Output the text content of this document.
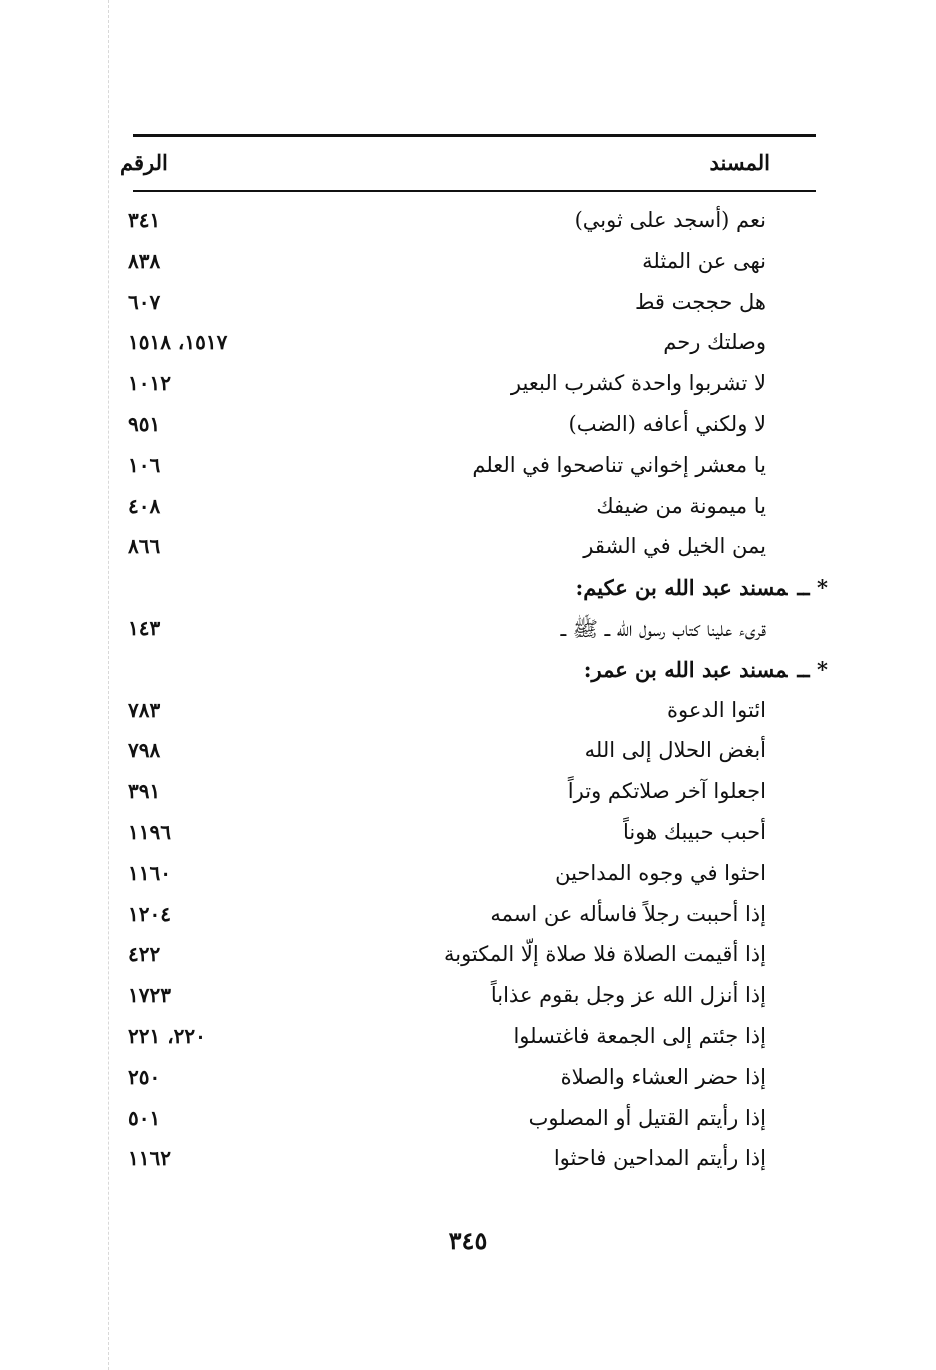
الرقم	المسند
نعم (أسجد على ثوبي)
٣٤١
نهى عن المثلة
٨٣٨
هل حججت قط
٦٠٧
وصلتك رحم
١٥١٧، ١٥١٨
لا تشربوا واحدة كشرب البعير
١٠١٢
لا ولكني أعافه (الضب)
٩٥١
يا معشر إخواني تناصحوا في العلم
١٠٦
يا ميمونة من ضيفك
٤٠٨
يمن الخيل في الشقر
٨٦٦
* ــمسند عبد الله بن عكيم:
قرىء علينا كتاب رسول الله ــ ﷺ ــ
١٤٣
* ــمسند عبد الله بن عمر:
ائتوا الدعوة
٧٨٣
أبغض الحلال إلى الله
٧٩٨
اجعلوا آخر صلاتكم وتراً
٣٩١
أحبب حبيبك هوناً
١١٩٦
احثوا في وجوه المداحين
١١٦٠
إذا أحببت رجلاً فاسأله عن اسمه
١٢٠٤
إذا أقيمت الصلاة فلا صلاة إلّا المكتوبة
٤٢٢
إذا أنزل الله عز وجل بقوم عذاباً
١٧٢٣
إذا جئتم إلى الجمعة فاغتسلوا
٢٢٠، ٢٢١
إذا حضر العشاء والصلاة
٢٥٠
إذا رأيتم القتيل أو المصلوب
٥٠١
إذا رأيتم المداحين فاحثوا
١١٦٢
٣٤٥
